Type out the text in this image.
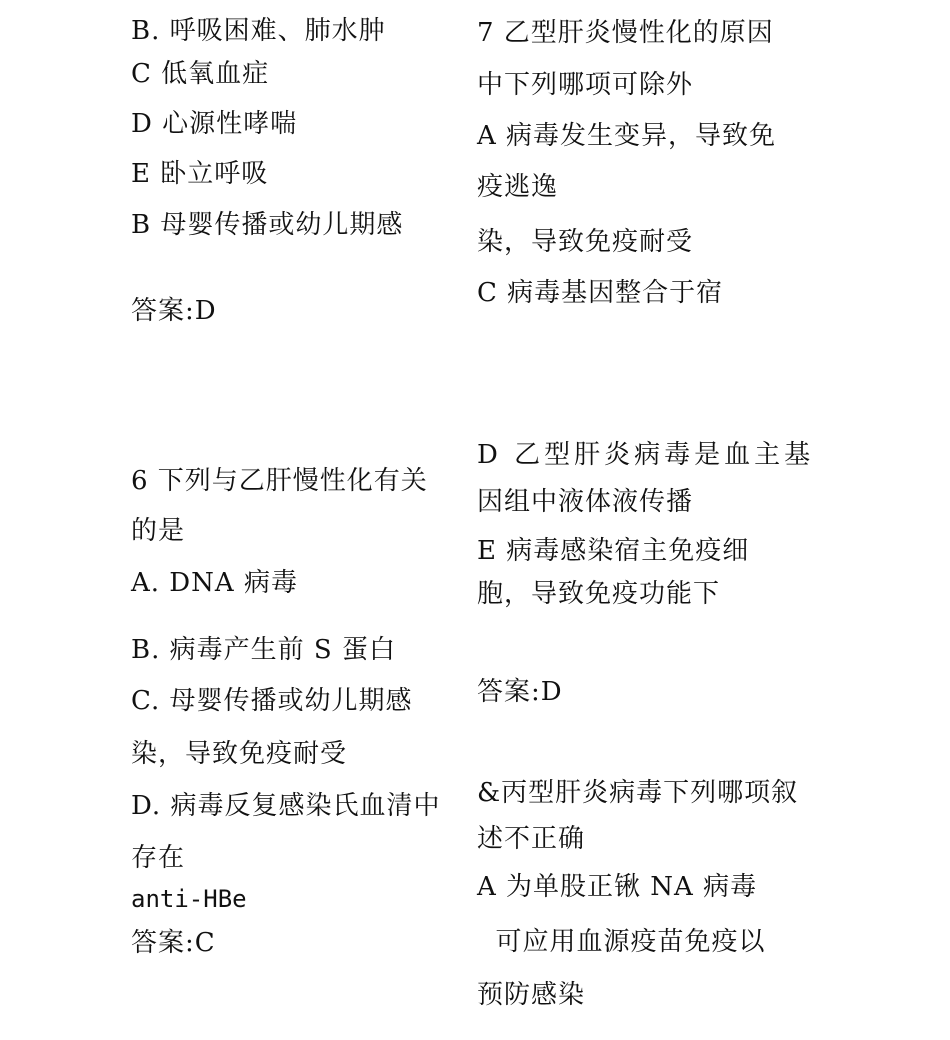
B. 呼吸困难、肺水肿
C 低氧血症
D 心源性哮喘
E 卧立呼吸
B 母婴传播或幼儿期感
答案:D
6 下列与乙肝慢性化有关
的是
A. DNA 病毒
B. 病毒产生前 S 蛋白
C. 母婴传播或幼儿期感
染，导致免疫耐受
D. 病毒反复感染氏血清中
存在
anti-HBe
答案:C
7 乙型肝炎慢性化的原因
中下列哪项可除外
A 病毒发生变异，导致免
疫逃逸
染，导致免疫耐受
C 病毒基因整合于宿
D 乙型肝炎病毒是血主基
因组中液体液传播
E 病毒感染宿主免疫细
胞，导致免疫功能下
答案:D
&丙型肝炎病毒下列哪项叙
述不正确
A 为单股正锹 NA 病毒
可应用血源疫苗免疫以
预防感染
